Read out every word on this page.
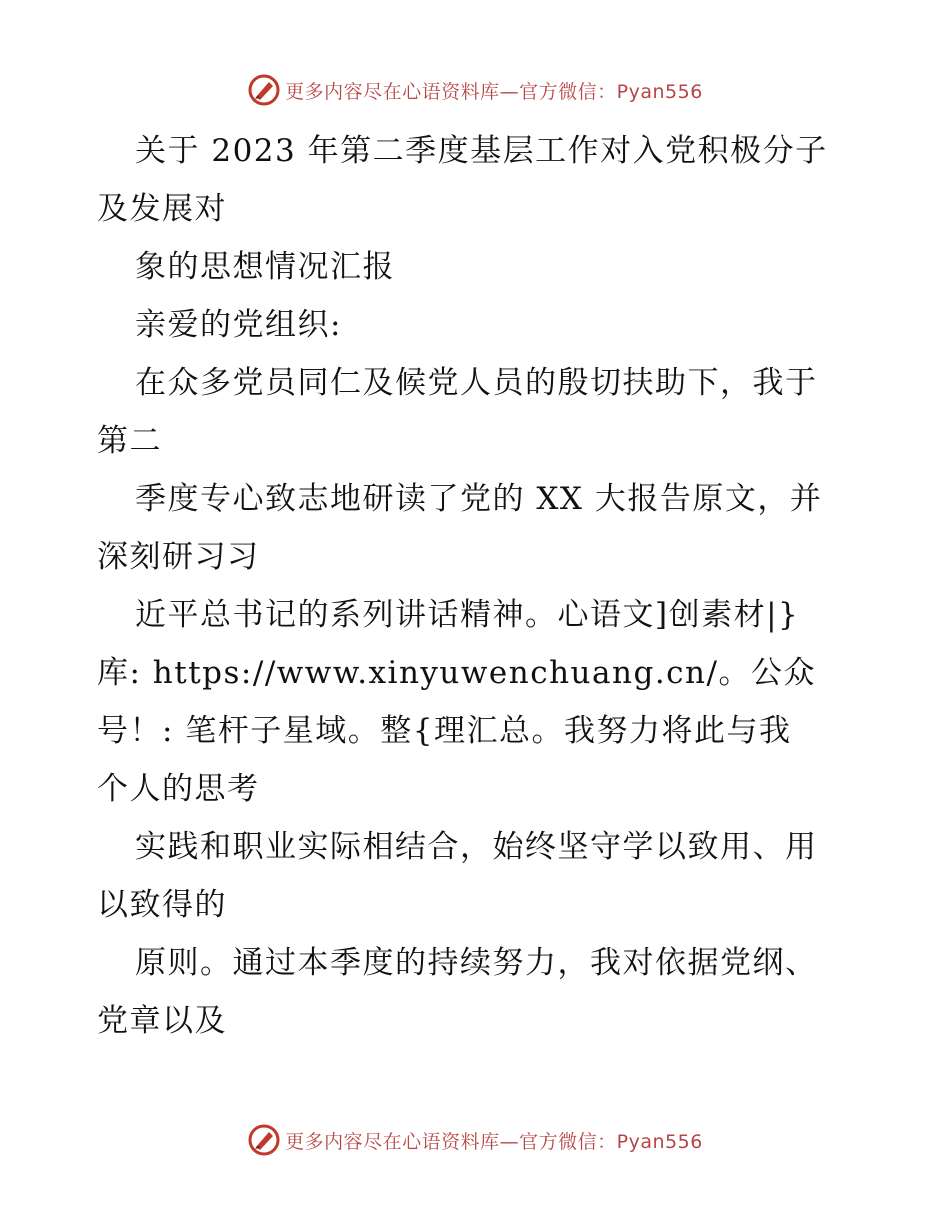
更多内容尽在心语资料库—官方微信：Pyan556
关于 2023 年第二季度基层工作对入党积极分子
及发展对
象的思想情况汇报
亲爱的党组织:
在众多党员同仁及候党人员的殷切扶助下，我于
第二
季度专心致志地研读了党的 XX 大报告原文，并
深刻研习习
近平总书记的系列讲话精神。心语文]创素材|}
库: https://www.xinyuwenchuang.cn/。公众
号！: 笔杆子星域。整{理汇总。我努力将此与我
个人的思考
实践和职业实际相结合，始终坚守学以致用、用
以致得的
原则。通过本季度的持续努力，我对依据党纲、
党章以及
更多内容尽在心语资料库—官方微信：Pyan556
